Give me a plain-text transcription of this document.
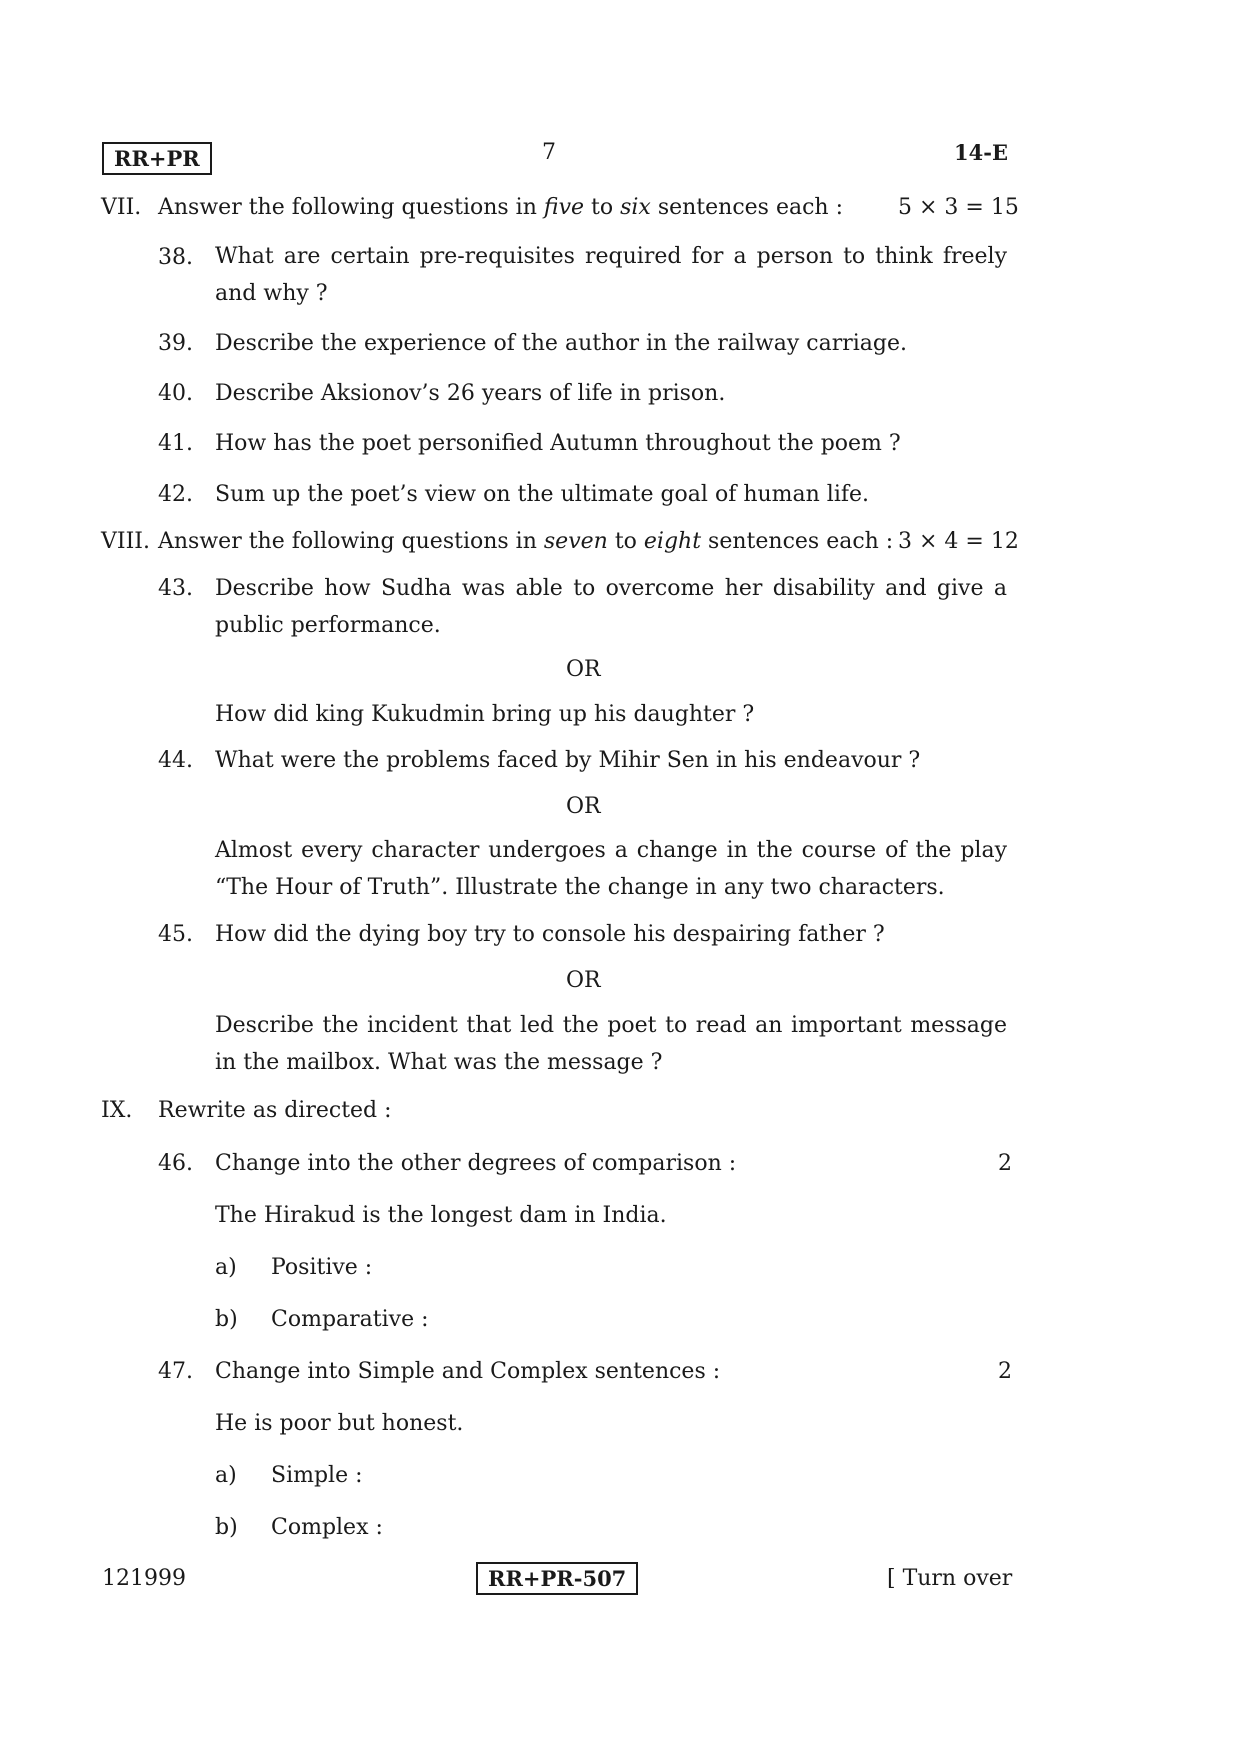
RR+PR	7	14-E
VII. Answer the following questions in five to six sentences each :	5 × 3 = 15
38. What are certain pre-requisites required for a person to think freely and why ?
39. Describe the experience of the author in the railway carriage.
40. Describe Aksionov’s 26 years of life in prison.
41. How has the poet personified Autumn throughout the poem ?
42. Sum up the poet’s view on the ultimate goal of human life.
VIII. Answer the following questions in seven to eight sentences each : 3 × 4 = 12
43. Describe how Sudha was able to overcome her disability and give a public performance.
OR
How did king Kukudmin bring up his daughter ?
44. What were the problems faced by Mihir Sen in his endeavour ?
OR
Almost every character undergoes a change in the course of the play “The Hour of Truth”. Illustrate the change in any two characters.
45. How did the dying boy try to console his despairing father ?
OR
Describe the incident that led the poet to read an important message in the mailbox. What was the message ?
IX. Rewrite as directed :
46. Change into the other degrees of comparison :	2
The Hirakud is the longest dam in India.
a) Positive :
b) Comparative :
47. Change into Simple and Complex sentences :	2
He is poor but honest.
a) Simple :
b) Complex :
121999	RR+PR-507	[ Turn over
